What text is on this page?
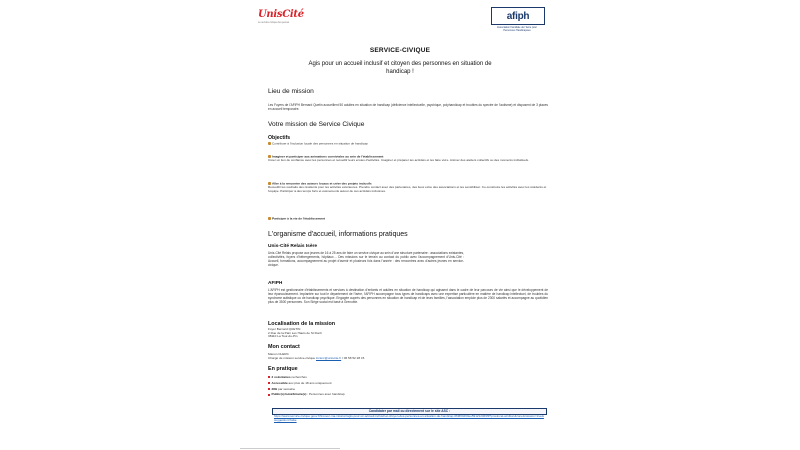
UnisCité
Le service civique des jeunes
afiph
Association Familiale de l'Isère pour Personnes Handicapées
SERVICE-CIVIQUE
Agis pour un accueil inclusif et citoyen des personnes en situation de handicap !
Lieu de mission
Les Foyers de l'AFIPH Bernard Quetin accueillent 50 adultes en situation de handicap (déficience intellectuelle, psychique, polyhandicap et troubles du spectre de l'autisme) et disposent de 3 places en accueil temporaire.
Votre mission de Service Civique
Objectifs
Contribuer à l'inclusion locale des personnes en situation de handicap
Imaginer et participer aux animations conviviales au sein de l'établissement
Créer un lien de confiance avec les personnes et recueillir leurs envies d'activités. Imaginer et préparer les activités et les faire vivre. Animer des ateliers collectifs ou des moments individuels.
Aller à la rencontre des acteurs locaux et créer des projets inclusifs
Recueillir les souhaits des résidents pour les activités extérieures. Prendre contact avec des partenaires, des lieux et/ou des associations et les sensibiliser. Co-construire les activités avec les résidents et l'équipe. Participer à des temps forts et événements autour de ces activités inclusives.
Participer à la vie de l'établissement
L'organisme d'accueil, informations pratiques
Unis-Cité Relais Isère
Unis-Cité Relais propose aux jeunes de 16 à 25 ans de faire un service civique au sein d'une structure partenaire : associations existantes, collectivités, foyers d'hébergements, hôpitaux… Des missions sur le terrain au contact du public avec l'accompagnement d'Unis-Cité : Accueil, formations, accompagnement au projet d'avenir et plusieurs fois dans l'année : des rencontres avec d'autres jeunes en service-civique.
AFIPH
L'AFIPH est gestionnaire d'établissements et services à destination d'enfants et adultes en situation de handicap qui agissent dans le cadre de leur parcours de vie ainsi que le développement de leur épanouissement. Implantée sur tout le département de l'Isère, l'AFIPH accompagne tous types de handicaps avec une expertise particulière en matière de handicap intellectuel, de troubles du syndrome autistique ou de handicap psychique. Engagée auprès des personnes en situation de handicap et de leurs familles, l'association emploie plus de 2300 salariés et accompagne au quotidien plus de 3500 personnes. Son Siège social est basé à Grenoble.
Localisation de la mission
Foyer Bernard QUETIN
2 Rue de la Pain Les Hauts de St Roch
38110 La Tour-du-Pin
Mon contact
Manon CLERC
Chargé de mission service-civique lcclerc@uniscite.fr / 06 58 52 28 15
En pratique
2 volontaires recherchés
Accessible aux plus de 18 ans uniquement
28H par semaine
Public(s) bénéficiaire(s) : Personnes avec handicap
Candidater par mail ou directement sur le site ASC :
https://www.service-civique.gouv.fr/trouver-ma-mission/agis-pour-un-accueil-inclusif-et-citoyen-des-personnes-en-situation-de-handicap-669f04263ee591212469f9?provinceLat=&lon&zone&mission=true&suggestion=false
